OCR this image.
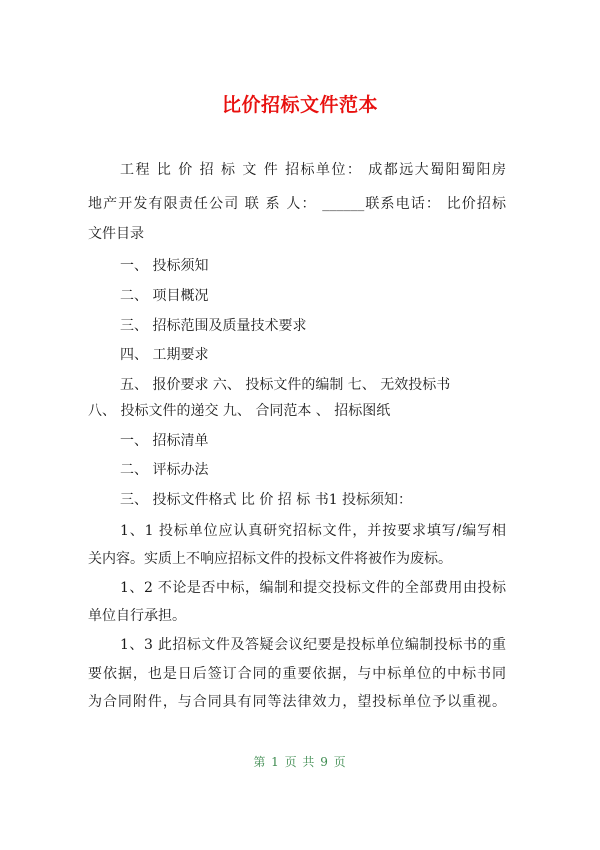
比价招标文件范本
工程 比 价 招 标 文 件 招标单位： 成都远大蜀阳蜀阳房
地产开发有限责任公司 联 系 人： ______联系电话： 比价招标
文件目录
一、 投标须知
二、 项目概况
三、 招标范围及质量技术要求
四、 工期要求
五、 报价要求 六、 投标文件的编制 七、 无效投标书
八、 投标文件的递交 九、 合同范本 、 招标图纸
一、 招标清单
二、 评标办法
三、 投标文件格式 比 价 招 标 书1 投标须知：
1、1 投标单位应认真研究招标文件，并按要求填写/编写相
关内容。实质上不响应招标文件的投标文件将被作为废标。
1、2 不论是否中标，编制和提交投标文件的全部费用由投标
单位自行承担。
1、3 此招标文件及答疑会议纪要是投标单位编制投标书的重
要依据，也是日后签订合同的重要依据，与中标单位的中标书同
为合同附件，与合同具有同等法律效力，望投标单位予以重视。
第 1 页 共 9 页
